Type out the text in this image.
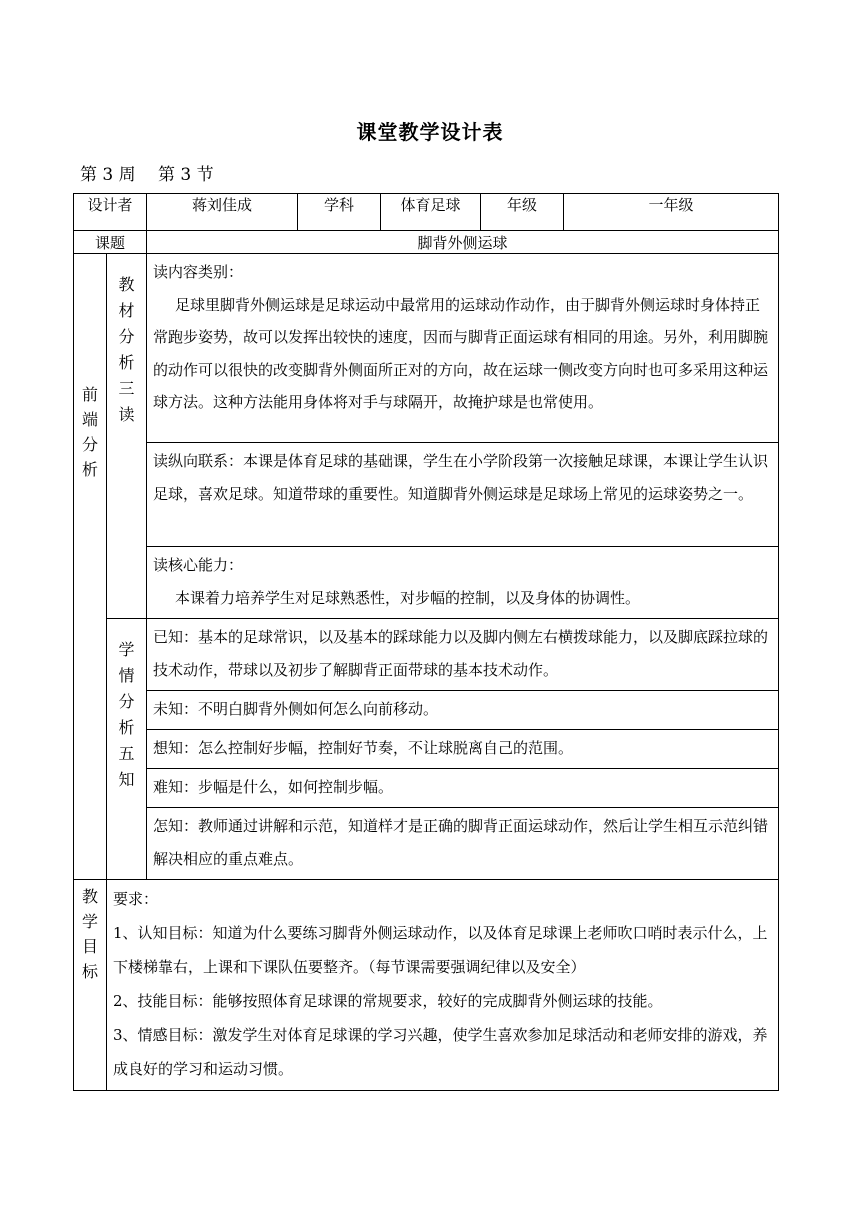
课堂教学设计表
第 3 周　 第 3 节
设计者		蒋刘佳成	学科	体育足球	年级	一年级
课题		脚背外侧运球				

前端分析	教材分析三读	读内容类别：
足球里脚背外侧运球是足球运动中最常用的运球动作动作，由于脚背外侧运球时身体持正常跑步姿势，故可以发挥出较快的速度，因而与脚背正面运球有相同的用途。另外，利用脚腕的动作可以很快的改变脚背外侧面所正对的方向，故在运球一侧改变方向时也可多采用这种运球方法。这种方法能用身体将对手与球隔开，故掩护球是也常使用。				

		读纵向联系：本课是体育足球的基础课，学生在小学阶段第一次接触足球课，本课让学生认识足球，喜欢足球。知道带球的重要性。知道脚背外侧运球是足球场上常见的运球姿势之一。				

		读核心能力：
本课着力培养学生对足球熟悉性，对步幅的控制，以及身体的协调性。				

	学情分析五知	已知：基本的足球常识，以及基本的踩球能力以及脚内侧左右横拨球能力，以及脚底踩拉球的技术动作，带球以及初步了解脚背正面带球的基本技术动作。				
		未知：不明白脚背外侧如何怎么向前移动。				
		想知：怎么控制好步幅，控制好节奏，不让球脱离自己的范围。				
		难知：步幅是什么，如何控制步幅。				
		怎知：教师通过讲解和示范，知道样才是正确的脚背正面运球动作，然后让学生相互示范纠错解决相应的重点难点。				

教学目标	要求：
1、认知目标：知道为什么要练习脚背外侧运球动作，以及体育足球课上老师吹口哨时表示什么，上下楼梯靠右，上课和下课队伍要整齐。（每节课需要强调纪律以及安全）
2、技能目标：能够按照体育足球课的常规要求，较好的完成脚背外侧运球的技能。
3、情感目标：激发学生对体育足球课的学习兴趣，使学生喜欢参加足球活动和老师安排的游戏，养成良好的学习和运动习惯。					
